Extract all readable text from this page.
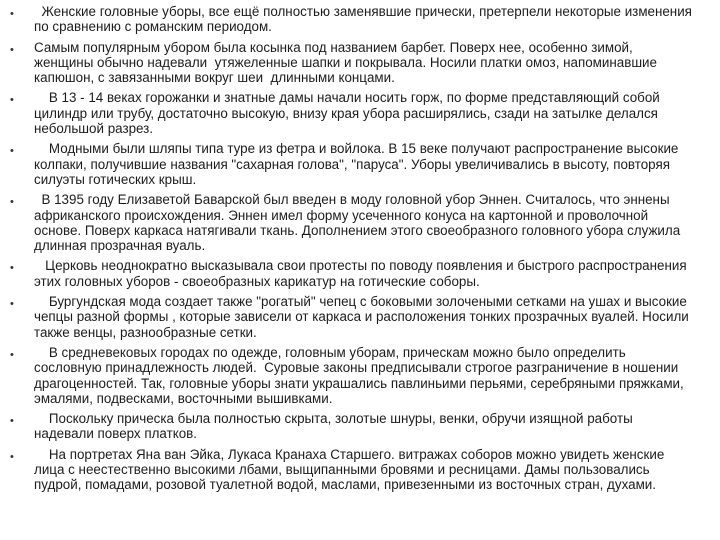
•	Женские головные уборы, все ещё полностью заменявшие прически, претерпели некоторые изменения по сравнению с романским периодом.
•	Самым популярным убором была косынка под названием барбет. Поверх нее, особенно зимой, женщины обычно надевали  утяжеленные шапки и покрывала. Носили платки омоз, напоминавшие капюшон, с завязанными вокруг шеи  длинными концами.
•	В 13 - 14 веках горожанки и знатные дамы начали носить горж, по форме представляющий собой цилиндр или трубу, достаточно высокую, внизу края убора расширялись, сзади на затылке делался небольшой разрез.
•	Модными были шляпы типа туре из фетра и войлока. В 15 веке получают распространение высокие колпаки, получившие названия "сахарная голова", "паруса". Уборы увеличивались в высоту, повторяя силуэты готических крыш.
•	В 1395 году Елизаветой Баварской был введен в моду головной убор Эннен. Считалось, что эннены африканского происхождения. Эннен имел форму усеченного конуса на картонной и проволочной основе. Поверх каркаса натягивали ткань. Дополнением этого своеобразного головного убора служила длинная прозрачная вуаль.
•	Церковь неоднократно высказывала свои протесты по поводу появления и быстрого распространения этих головных уборов - своеобразных карикатур на готические соборы.
•	Бургундская мода создает также "рогатый" чепец с боковыми золочеными сетками на ушах и высокие чепцы разной формы , которые зависели от каркаса и расположения тонких прозрачных вуалей. Носили также венцы, разнообразные сетки.
•	В средневековых городах по одежде, головным уборам, прическам можно было определить сословную принадлежность людей.  Суровые законы предписывали строгое разграничение в ношении драгоценностей. Так, головные уборы знати украшались павлиньими перьями, серебряными пряжками, эмалями, подвесками, восточными вышивками.
•	Поскольку прическа была полностью скрыта, золотые шнуры, венки, обручи изящной работы надевали поверх платков.
•	На портретах Яна ван Эйка, Лукаса Кранаха Старшего. витражах соборов можно увидеть женские лица с неестественно высокими лбами, выщипанными бровями и ресницами. Дамы пользовались пудрой, помадами, розовой туалетной водой, маслами, привезенными из восточных стран, духами.
